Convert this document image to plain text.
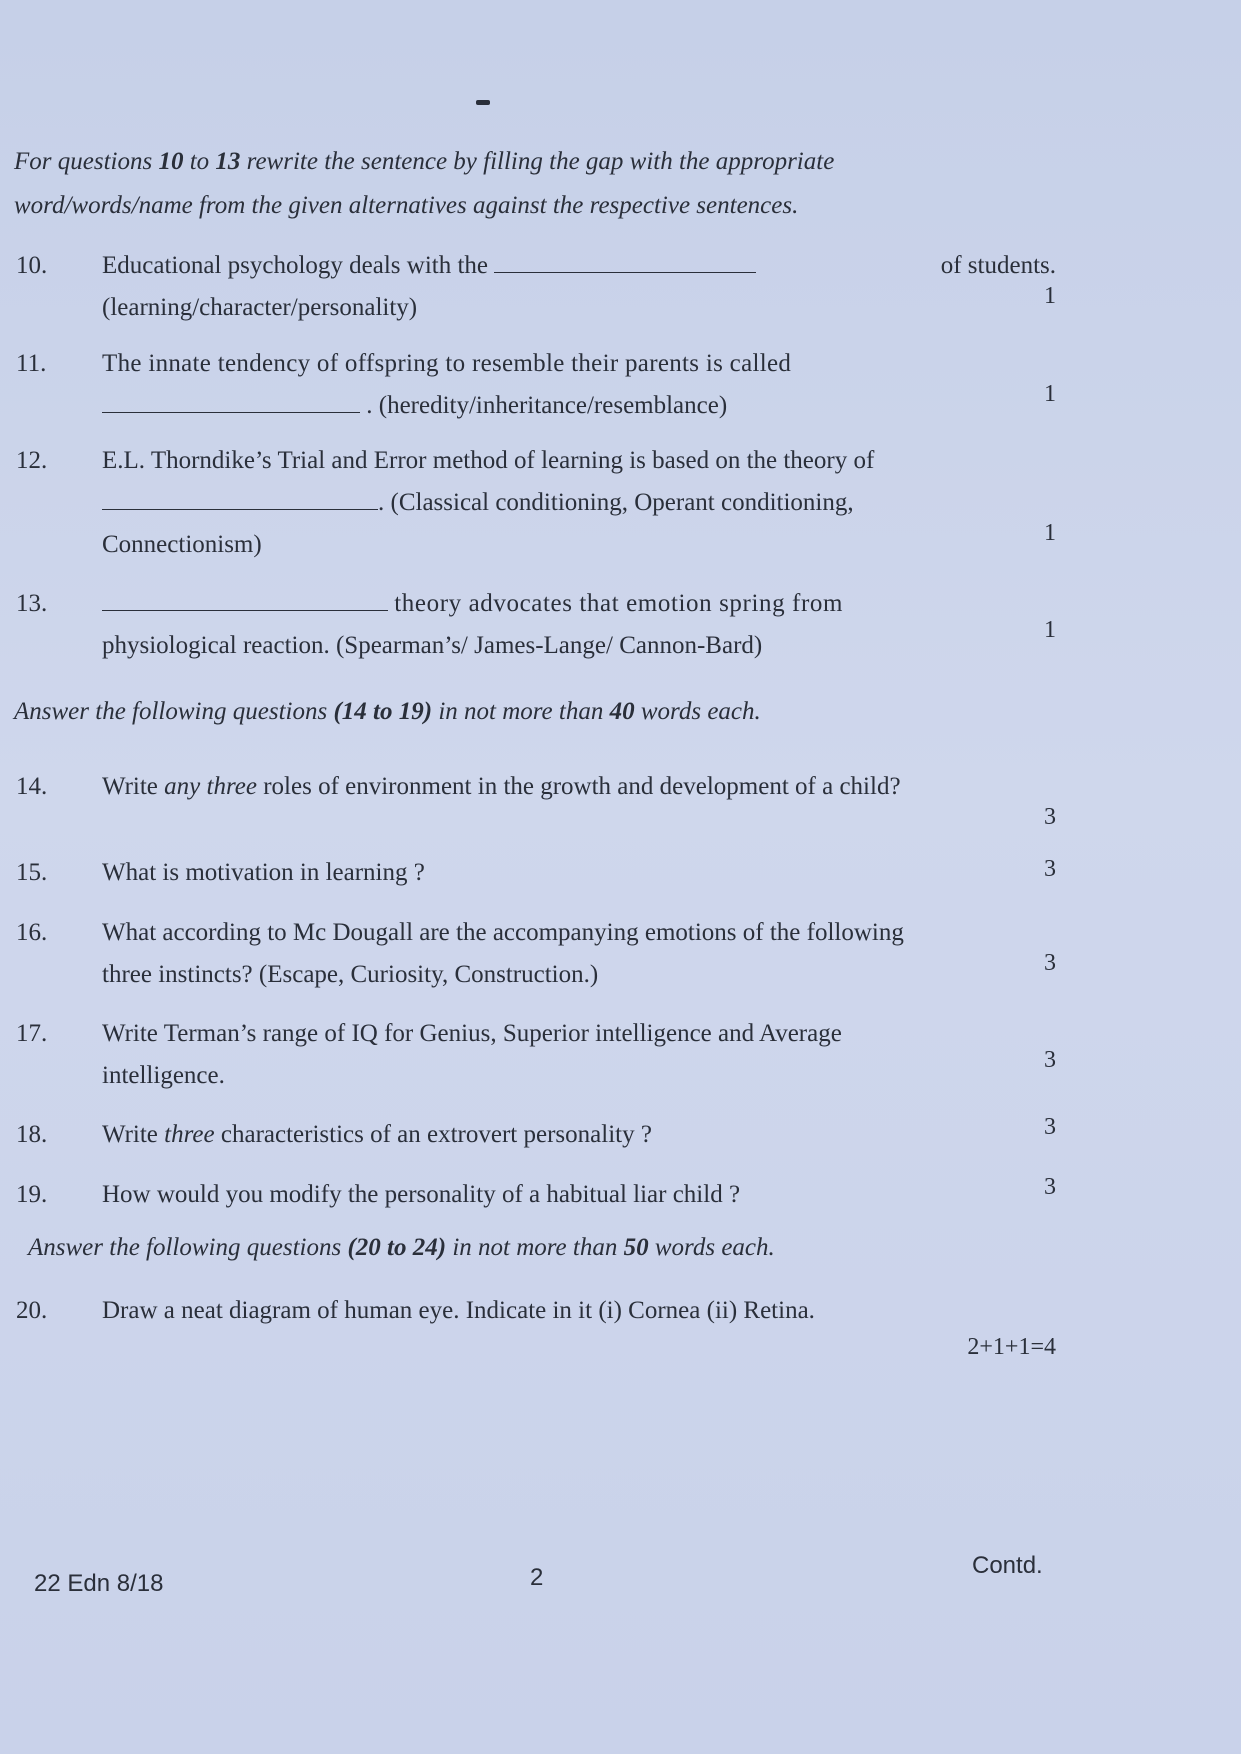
For questions 10 to 13 rewrite the sentence by filling the gap with the appropriate
word/words/name from the given alternatives against the respective sentences.
10.	Educational psychology deals with the	of students.
(learning/character/personality)	1
11.	The innate tendency of offspring to resemble their parents is called
. (heredity/inheritance/resemblance)	1
12.	E.L. Thorndike’s Trial and Error method of learning is based on the theory of
. (Classical conditioning, Operant conditioning,
Connectionism)	1
13.	theory advocates that emotion spring from
physiological reaction. (Spearman’s/ James-Lange/ Cannon-Bard)
1
Answer the following questions (14 to 19) in not more than 40 words each.
14.	Write any three roles of environment in the growth and development of a child?
3
15.	What is motivation in learning ?	3
16.	What according to Mc Dougall are the accompanying emotions of the following
three instincts? (Escape, Curiosity, Construction.)	3
17.	Write Terman’s range of IQ for Genius, Superior intelligence and Average
intelligence.
3
18.	Write three characteristics of an extrovert personality ?	3
19.	How would you modify the personality of a habitual liar child ?	3
Answer the following questions (20 to 24) in not more than 50 words each.
20.	Draw a neat diagram of human eye. Indicate in it (i) Cornea (ii) Retina.
2+1+1=4
22 Edn 8/18	2	Contd.
